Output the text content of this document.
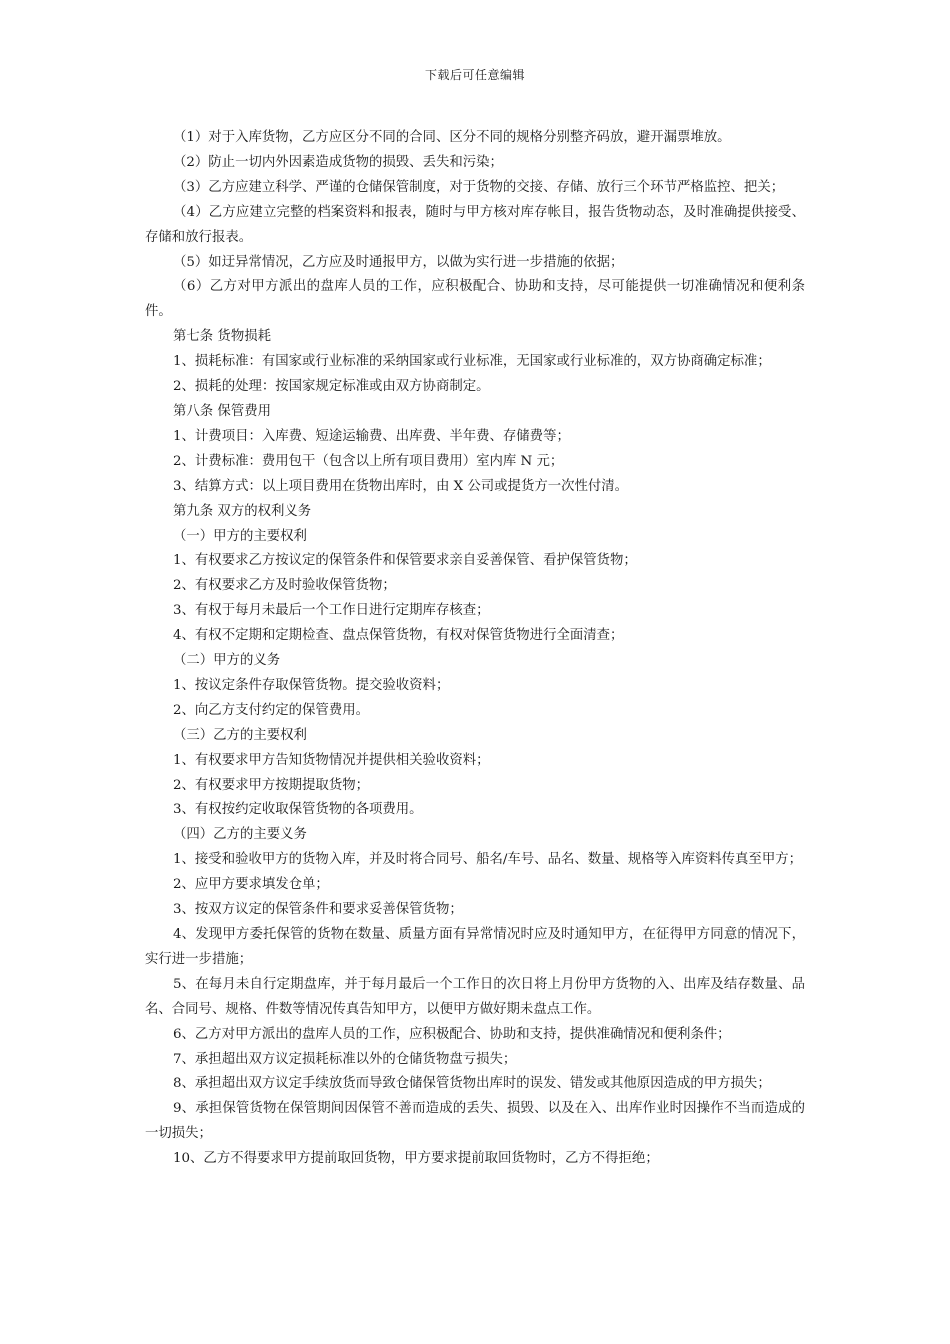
下载后可任意编辑

（1）对于入库货物，乙方应区分不同的合同、区分不同的规格分别整齐码放，避开漏票堆放。

（2）防止一切内外因素造成货物的损毁、丢失和污染；

（3）乙方应建立科学、严谨的仓储保管制度，对于货物的交接、存储、放行三个环节严格监控、把关；

（4）乙方应建立完整的档案资料和报表，随时与甲方核对库存帐目，报告货物动态，及时准确提供接受、存储和放行报表。

（5）如迂异常情况，乙方应及时通报甲方，以做为实行进一步措施的依据；

（6）乙方对甲方派出的盘库人员的工作，应积极配合、协助和支持，尽可能提供一切准确情况和便利条件。

第七条 货物损耗

1、损耗标准：有国家或行业标准的采纳国家或行业标准，无国家或行业标准的，双方协商确定标准；

2、损耗的处理：按国家规定标准或由双方协商制定。

第八条 保管费用

1、计费项目：入库费、短途运输费、出库费、半年费、存储费等；

2、计费标准：费用包干（包含以上所有项目费用）室内库 N 元；

3、结算方式：以上项目费用在货物出库时，由 X 公司或提货方一次性付清。

第九条 双方的权利义务

（一）甲方的主要权利

1、有权要求乙方按议定的保管条件和保管要求亲自妥善保管、看护保管货物；

2、有权要求乙方及时验收保管货物；

3、有权于每月未最后一个工作日进行定期库存核查；

4、有权不定期和定期检查、盘点保管货物，有权对保管货物进行全面清查；

（二）甲方的义务

1、按议定条件存取保管货物。提交验收资料；

2、向乙方支付约定的保管费用。

（三）乙方的主要权利

1、有权要求甲方告知货物情况并提供相关验收资料；

2、有权要求甲方按期提取货物；

3、有权按约定收取保管货物的各项费用。

（四）乙方的主要义务

1、接受和验收甲方的货物入库，并及时将合同号、船名/车号、品名、数量、规格等入库资料传真至甲方；

2、应甲方要求填发仓单；

3、按双方议定的保管条件和要求妥善保管货物；

4、发现甲方委托保管的货物在数量、质量方面有异常情况时应及时通知甲方，在征得甲方同意的情况下，实行进一步措施；

5、在每月未自行定期盘库，并于每月最后一个工作日的次日将上月份甲方货物的入、出库及结存数量、品名、合同号、规格、件数等情况传真告知甲方，以便甲方做好期未盘点工作。

6、乙方对甲方派出的盘库人员的工作，应积极配合、协助和支持，提供准确情况和便利条件；

7、承担超出双方议定损耗标准以外的仓储货物盘亏损失；

8、承担超出双方议定手续放货而导致仓储保管货物出库时的误发、错发或其他原因造成的甲方损失；

9、承担保管货物在保管期间因保管不善而造成的丢失、损毁、以及在入、出库作业时因操作不当而造成的一切损失；

10、乙方不得要求甲方提前取回货物，甲方要求提前取回货物时，乙方不得拒绝；
